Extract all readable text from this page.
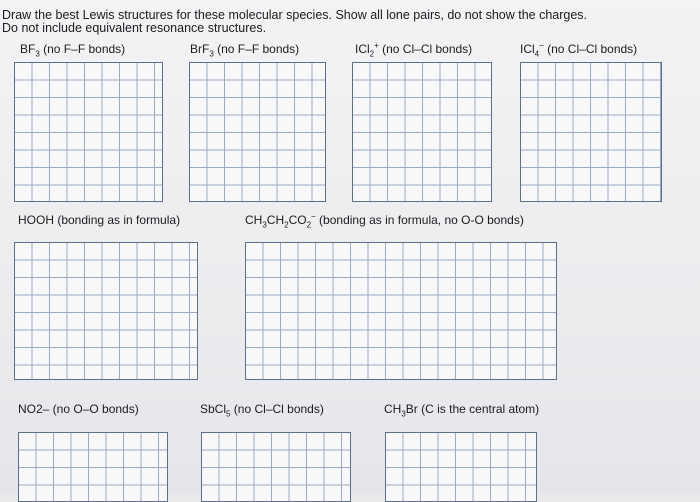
Draw the best Lewis structures for these molecular species. Show all lone pairs, do not show the charges.
Do not include equivalent resonance structures.
$BF_3$ (no F–F bonds)	BrF$_3$ (no F–F bonds)	ICl$_2$+ (no Cl–Cl bonds)	ICl$_4$− (no Cl–Cl bonds)
HOOH (bonding as in formula)	$CH_3CH_2CO_2^-$ (bonding as in formula, no O-O bonds)
NO2– (no O–O bonds)	SbCl$_5$ (no Cl–Cl bonds)	$CH_3Br$ (C is the central atom)
